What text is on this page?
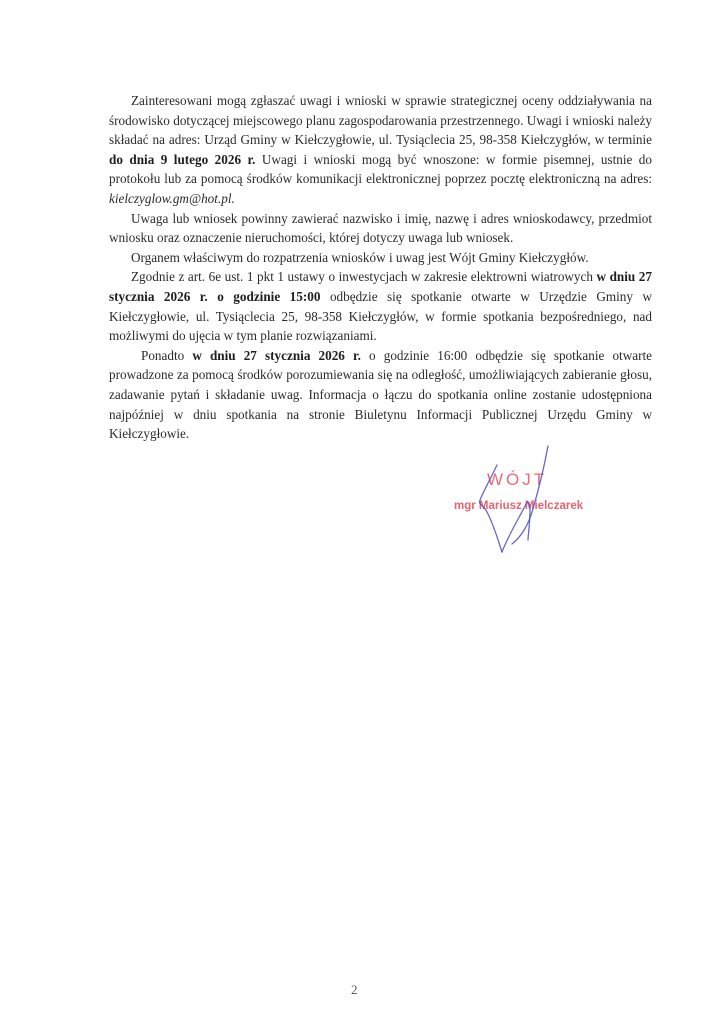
Zainteresowani mogą zgłaszać uwagi i wnioski w sprawie strategicznej oceny oddziaływania na środowisko dotyczącej miejscowego planu zagospodarowania przestrzennego. Uwagi i wnioski należy składać na adres: Urząd Gminy w Kiełczygłowie, ul. Tysiąclecia 25, 98-358 Kiełczygłów, w terminie do dnia 9 lutego 2026 r. Uwagi i wnioski mogą być wnoszone: w formie pisemnej, ustnie do protokołu lub za pomocą środków komunikacji elektronicznej poprzez pocztę elektroniczną na adres: kielczyglow.gm@hot.pl.

Uwaga lub wniosek powinny zawierać nazwisko i imię, nazwę i adres wnioskodawcy, przedmiot wniosku oraz oznaczenie nieruchomości, której dotyczy uwaga lub wniosek.

Organem właściwym do rozpatrzenia wniosków i uwag jest Wójt Gminy Kiełczygłów.

Zgodnie z art. 6e ust. 1 pkt 1 ustawy o inwestycjach w zakresie elektrowni wiatrowych w dniu 27 stycznia 2026 r. o godzinie 15:00 odbędzie się spotkanie otwarte w Urzędzie Gminy w Kiełczygłowie, ul. Tysiąclecia 25, 98-358 Kiełczygłów, w formie spotkania bezpośredniego, nad możliwymi do ujęcia w tym planie rozwiązaniami.

Ponadto w dniu 27 stycznia 2026 r. o godzinie 16:00 odbędzie się spotkanie otwarte prowadzone za pomocą środków porozumiewania się na odległość, umożliwiających zabieranie głosu, zadawanie pytań i składanie uwag. Informacja o łączu do spotkania online zostanie udostępniona najpóźniej w dniu spotkania na stronie Biuletynu Informacji Publicznej Urzędu Gminy w Kiełczygłowie.

WÓJT
mgr Mariusz Mielczarek
2
